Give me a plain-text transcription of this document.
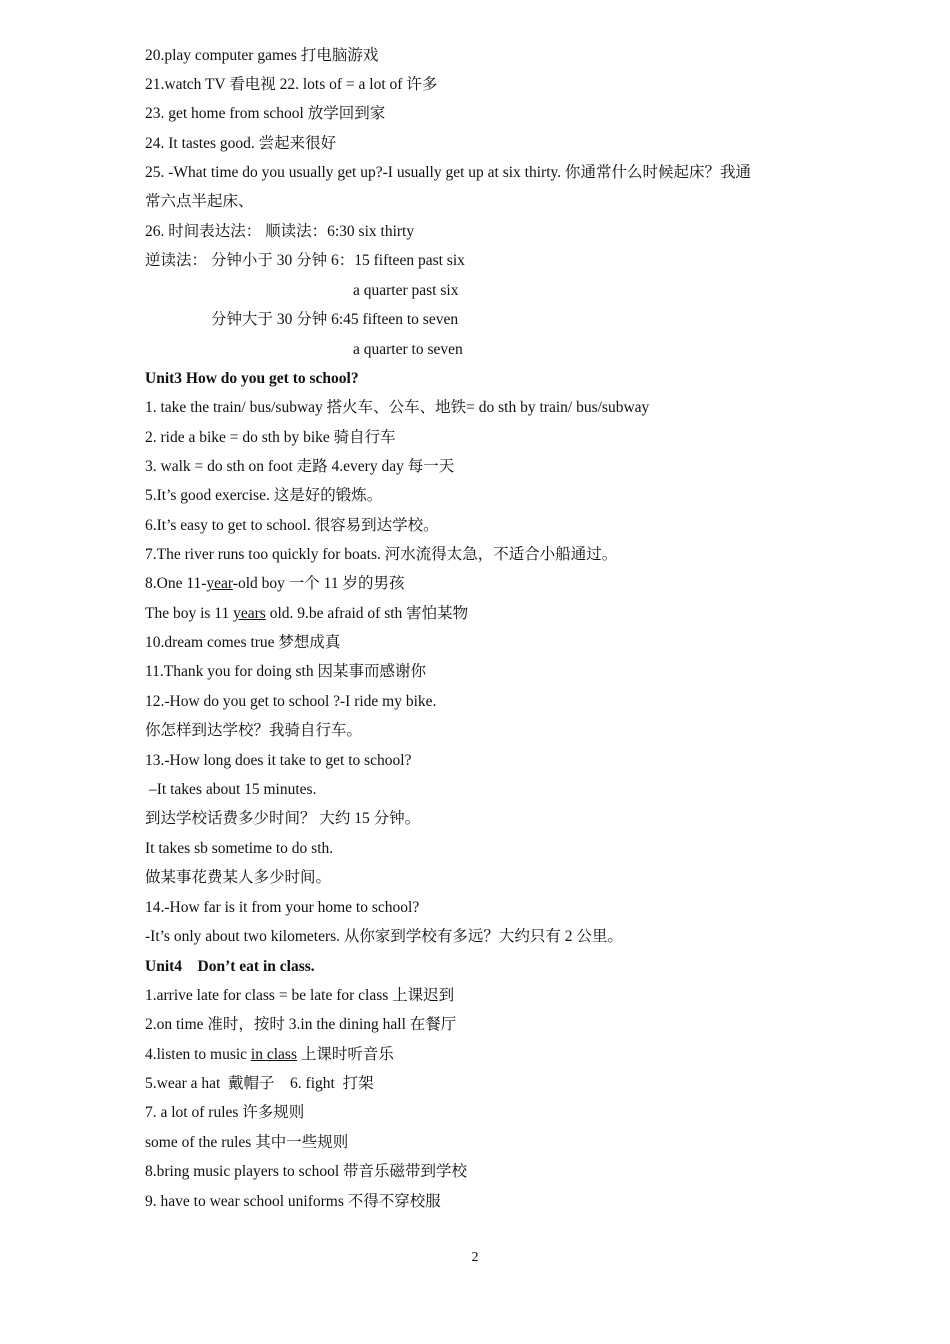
20.play computer games 打电脑游戏
21.watch TV 看电视 22. lots of = a lot of 许多
23. get home from school 放学回到家
24. It tastes good. 尝起来很好
25. -What time do you usually get up?-I usually get up at six thirty. 你通常什么时候起床？我通
常六点半起床、
26. 时间表达法： 顺读法：6:30 six thirty
逆读法： 分钟小于 30 分钟 6：15 fifteen past six
a quarter past six
分钟大于 30 分钟 6:45 fifteen to seven
a quarter to seven
Unit3 How do you get to school?
1. take the train/ bus/subway 搭火车、公车、地铁= do sth by train/ bus/subway
2. ride a bike = do sth by bike 骑自行车
3. walk = do sth on foot 走路 4.every day 每一天
5.It’s good exercise. 这是好的锻炼。
6.It’s easy to get to school. 很容易到达学校。
7.The river runs too quickly for boats. 河水流得太急，不适合小船通过。
8.One 11-year-old boy 一个 11 岁的男孩
The boy is 11 years old. 9.be afraid of sth 害怕某物
10.dream comes true 梦想成真
11.Thank you for doing sth 因某事而感谢你
12.-How do you get to school ?-I ride my bike.
你怎样到达学校？我骑自行车。
13.-How long does it take to get to school?
–It takes about 15 minutes.
到达学校话费多少时间？ 大约 15 分钟。
It takes sb sometime to do sth.
做某事花费某人多少时间。
14.-How far is it from your home to school?
-It’s only about two kilometers. 从你家到学校有多远？大约只有 2 公里。
Unit4    Don’t eat in class.
1.arrive late for class = be late for class 上课迟到
2.on time 准时，按时 3.in the dining hall 在餐厅
4.listen to music in class 上课时听音乐
5.wear a hat  戴帽子    6. fight  打架
7. a lot of rules 许多规则
some of the rules 其中一些规则
8.bring music players to school 带音乐磁带到学校
9. have to wear school uniforms 不得不穿校服
2
